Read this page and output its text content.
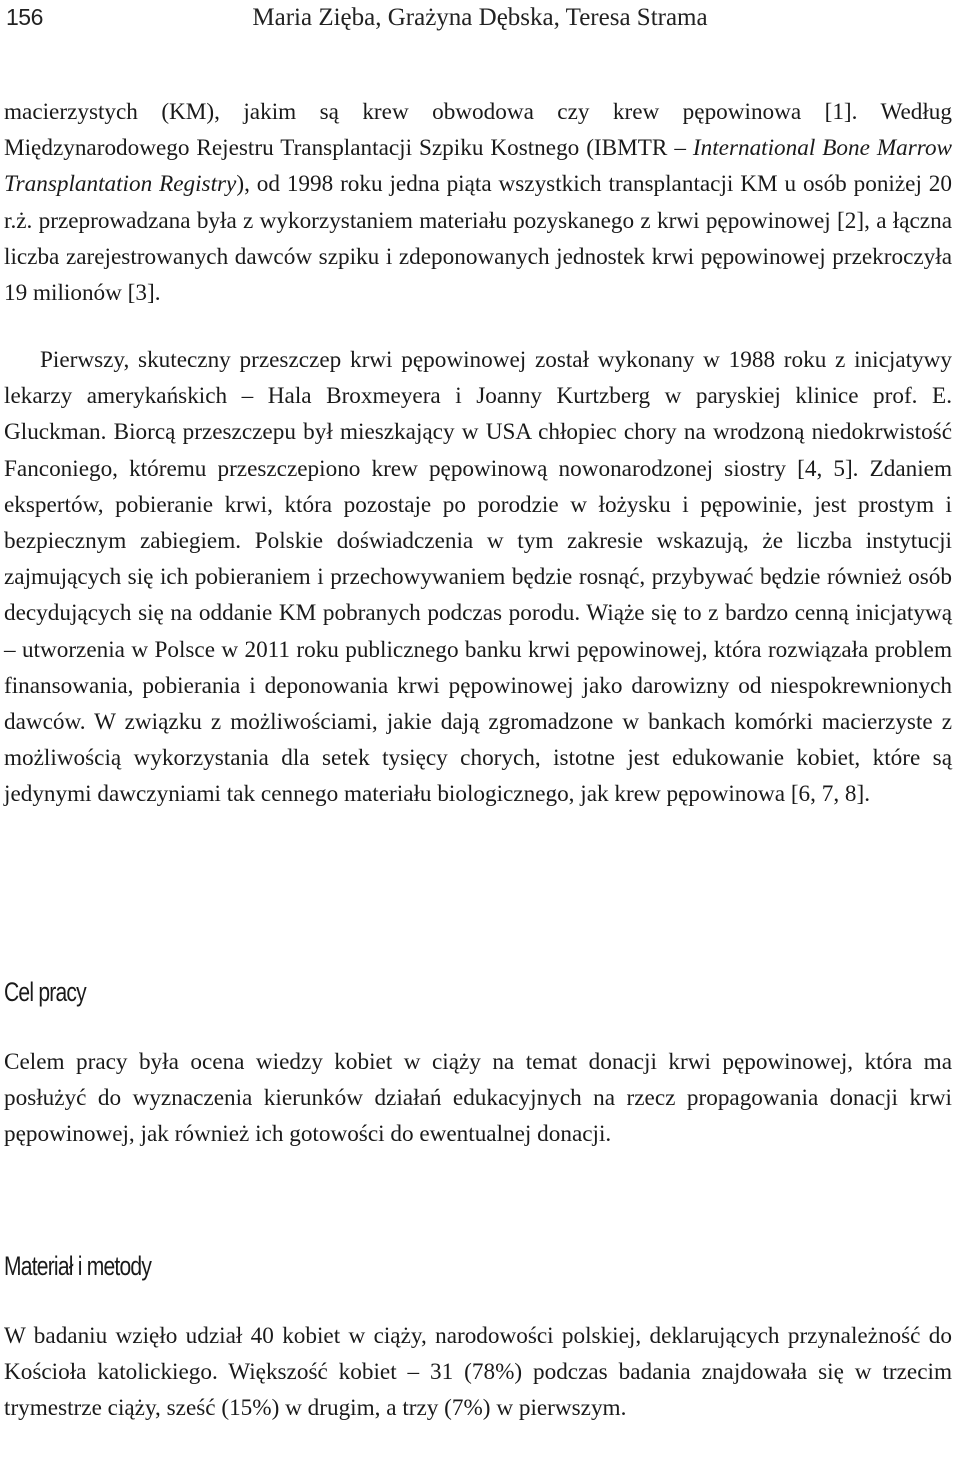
156	Maria Zięba, Grażyna Dębska, Teresa Strama

macierzystych (KM), jakim są krew obwodowa czy krew pępowinowa [1]. Według Międzynarodowego Rejestru Transplantacji Szpiku Kostnego (IBMTR – International Bone Marrow Transplantation Registry), od 1998 roku jedna piąta wszystkich transplantacji KM u osób poniżej 20 r.ż. przeprowadzana była z wykorzystaniem materiału pozyskanego z krwi pępowinowej [2], a łączna liczba zarejestrowanych dawców szpiku i zdeponowanych jednostek krwi pępowinowej przekroczyła 19 milionów [3].

Pierwszy, skuteczny przeszczep krwi pępowinowej został wykonany w 1988 roku z inicjatywy lekarzy amerykańskich – Hala Broxmeyera i Joanny Kurtzberg w paryskiej klinice prof. E. Gluckman. Biorcą przeszczepu był mieszkający w USA chłopiec chory na wrodzoną niedokrwistość Fanconiego, któremu przeszczepiono krew pępowinową nowonarodzonej siostry [4, 5]. Zdaniem ekspertów, pobieranie krwi, która pozostaje po porodzie w łożysku i pępowinie, jest prostym i bezpiecznym zabiegiem. Polskie doświadczenia w tym zakresie wskazują, że liczba instytucji zajmujących się ich pobieraniem i przechowywaniem będzie rosnąć, przybywać będzie również osób decydujących się na oddanie KM pobranych podczas porodu. Wiąże się to z bardzo cenną inicjatywą – utworzenia w Polsce w 2011 roku publicznego banku krwi pępowinowej, która rozwiązała problem finansowania, pobierania i deponowania krwi pępowinowej jako darowizny od niespokrewnionych dawców. W związku z możliwościami, jakie dają zgromadzone w bankach komórki macierzyste z możliwością wykorzystania dla setek tysięcy chorych, istotne jest edukowanie kobiet, które są jedynymi dawczyniami tak cennego materiału biologicznego, jak krew pępowinowa [6, 7, 8].

Cel pracy

Celem pracy była ocena wiedzy kobiet w ciąży na temat donacji krwi pępowinowej, która ma posłużyć do wyznaczenia kierunków działań edukacyjnych na rzecz propagowania donacji krwi pępowinowej, jak również ich gotowości do ewentualnej donacji.

Materiał i metody

W badaniu wzięło udział 40 kobiet w ciąży, narodowości polskiej, deklarujących przynależność do Kościoła katolickiego. Większość kobiet – 31 (78%) podczas badania znajdowała się w trzecim trymestrze ciąży, sześć (15%) w drugim, a trzy (7%) w pierwszym.
